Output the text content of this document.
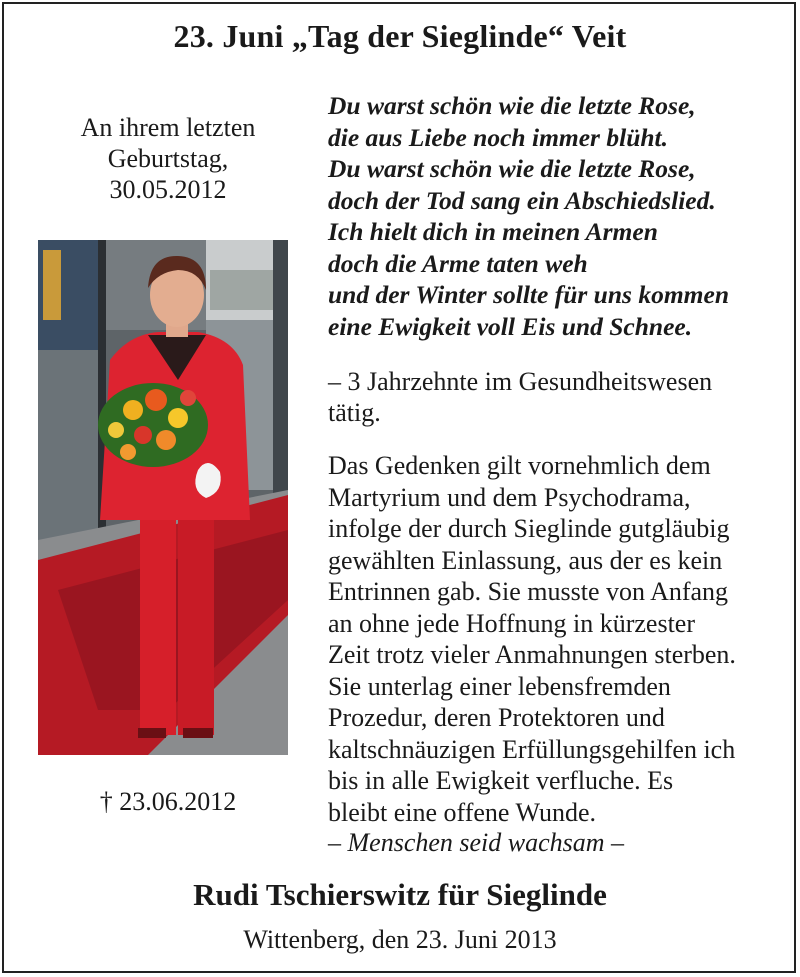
23. Juni „Tag der Sieglinde“ Veit
An ihrem letzten
Geburtstag,
30.05.2012
† 23.06.2012
Du warst schön wie die letzte Rose,
die aus Liebe noch immer blüht.
Du warst schön wie die letzte Rose,
doch der Tod sang ein Abschiedslied.
Ich hielt dich in meinen Armen
doch die Arme taten weh
und der Winter sollte für uns kommen
eine Ewigkeit voll Eis und Schnee.
– 3 Jahrzehnte im Gesundheitswesen
tätig.
Das Gedenken gilt vornehmlich dem
Martyrium und dem Psychodrama,
infolge der durch Sieglinde gutgläubig
gewählten Einlassung, aus der es kein
Entrinnen gab. Sie musste von Anfang
an ohne jede Hoffnung in kürzester
Zeit trotz vieler Anmahnungen sterben.
Sie unterlag einer lebensfremden
Prozedur, deren Protektoren und
kaltschnäuzigen Erfüllungsgehilfen ich
bis in alle Ewigkeit verfluche. Es
bleibt eine offene Wunde.
– Menschen seid wachsam –
Rudi Tschierswitz für Sieglinde
Wittenberg, den 23. Juni 2013
